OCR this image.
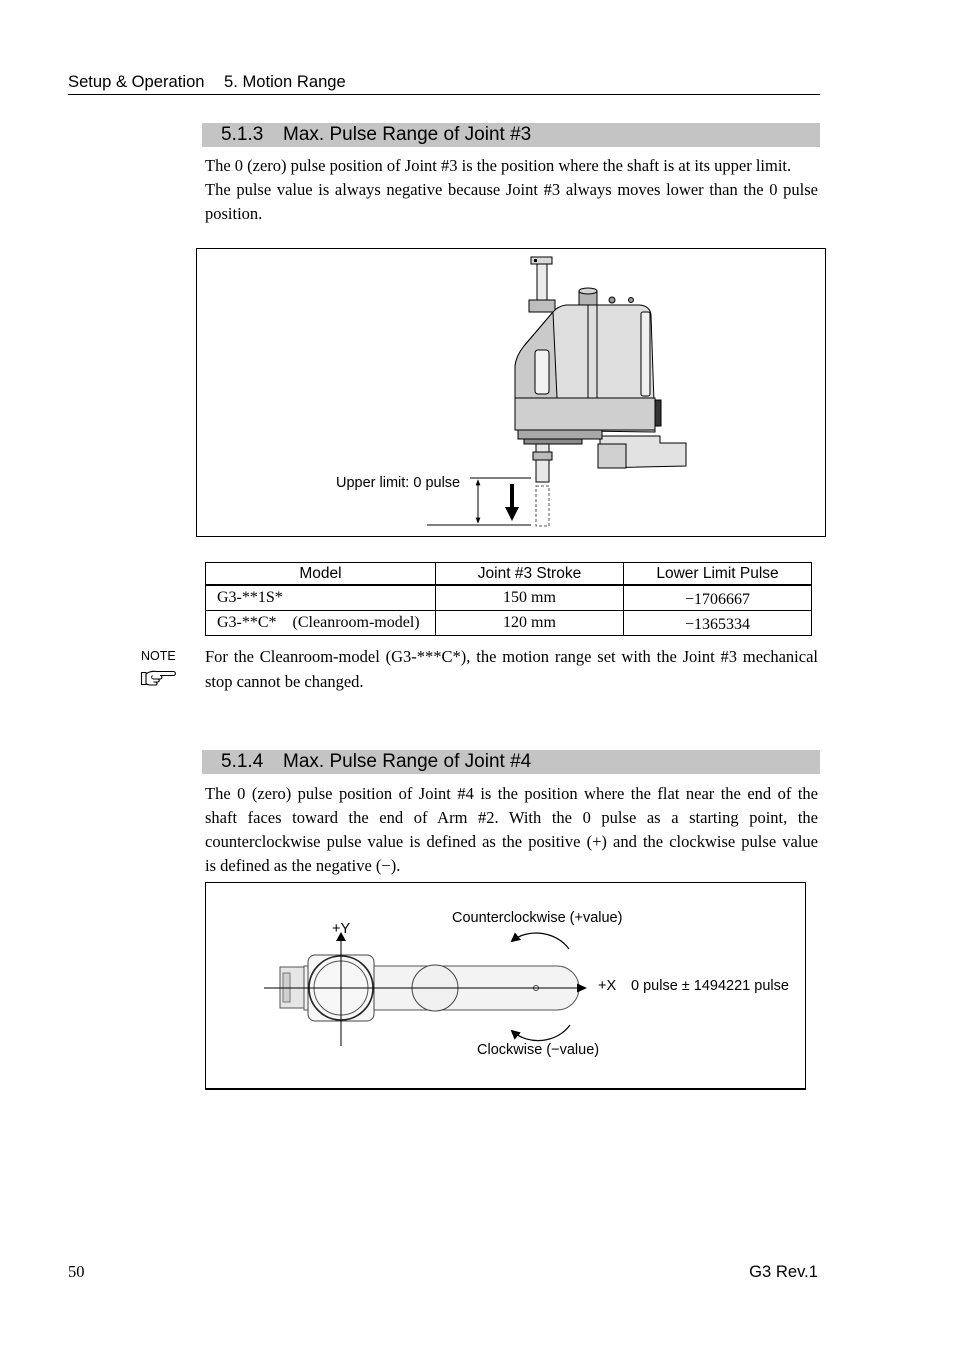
Setup & Operation 5. Motion Range
5.1.3 Max. Pulse Range of Joint #3
The 0 (zero) pulse position of Joint #3 is the position where the shaft is at its upper limit.
The pulse value is always negative because Joint #3 always moves lower than the 0 pulse
position.
Upper limit: 0 pulse
Model	Joint #3 Stroke	Lower Limit Pulse
G3-**1S*	150 mm	−1706667
G3-**C*    (Cleanroom-model)	120 mm	−1365334
NOTE For the Cleanroom-model (G3-***C*), the motion range set with the Joint #3 mechanical
stop cannot be changed.
5.1.4 Max. Pulse Range of Joint #4
The 0 (zero) pulse position of Joint #4 is the position where the flat near the end of the
shaft faces toward the end of Arm #2. With the 0 pulse as a starting point, the
counterclockwise pulse value is defined as the positive (+) and the clockwise pulse value
is defined as the negative (−).
Counterclockwise (+value)
+Y
+X 0 pulse ± 1494221 pulse
Clockwise (−value)
50	G3 Rev.1
